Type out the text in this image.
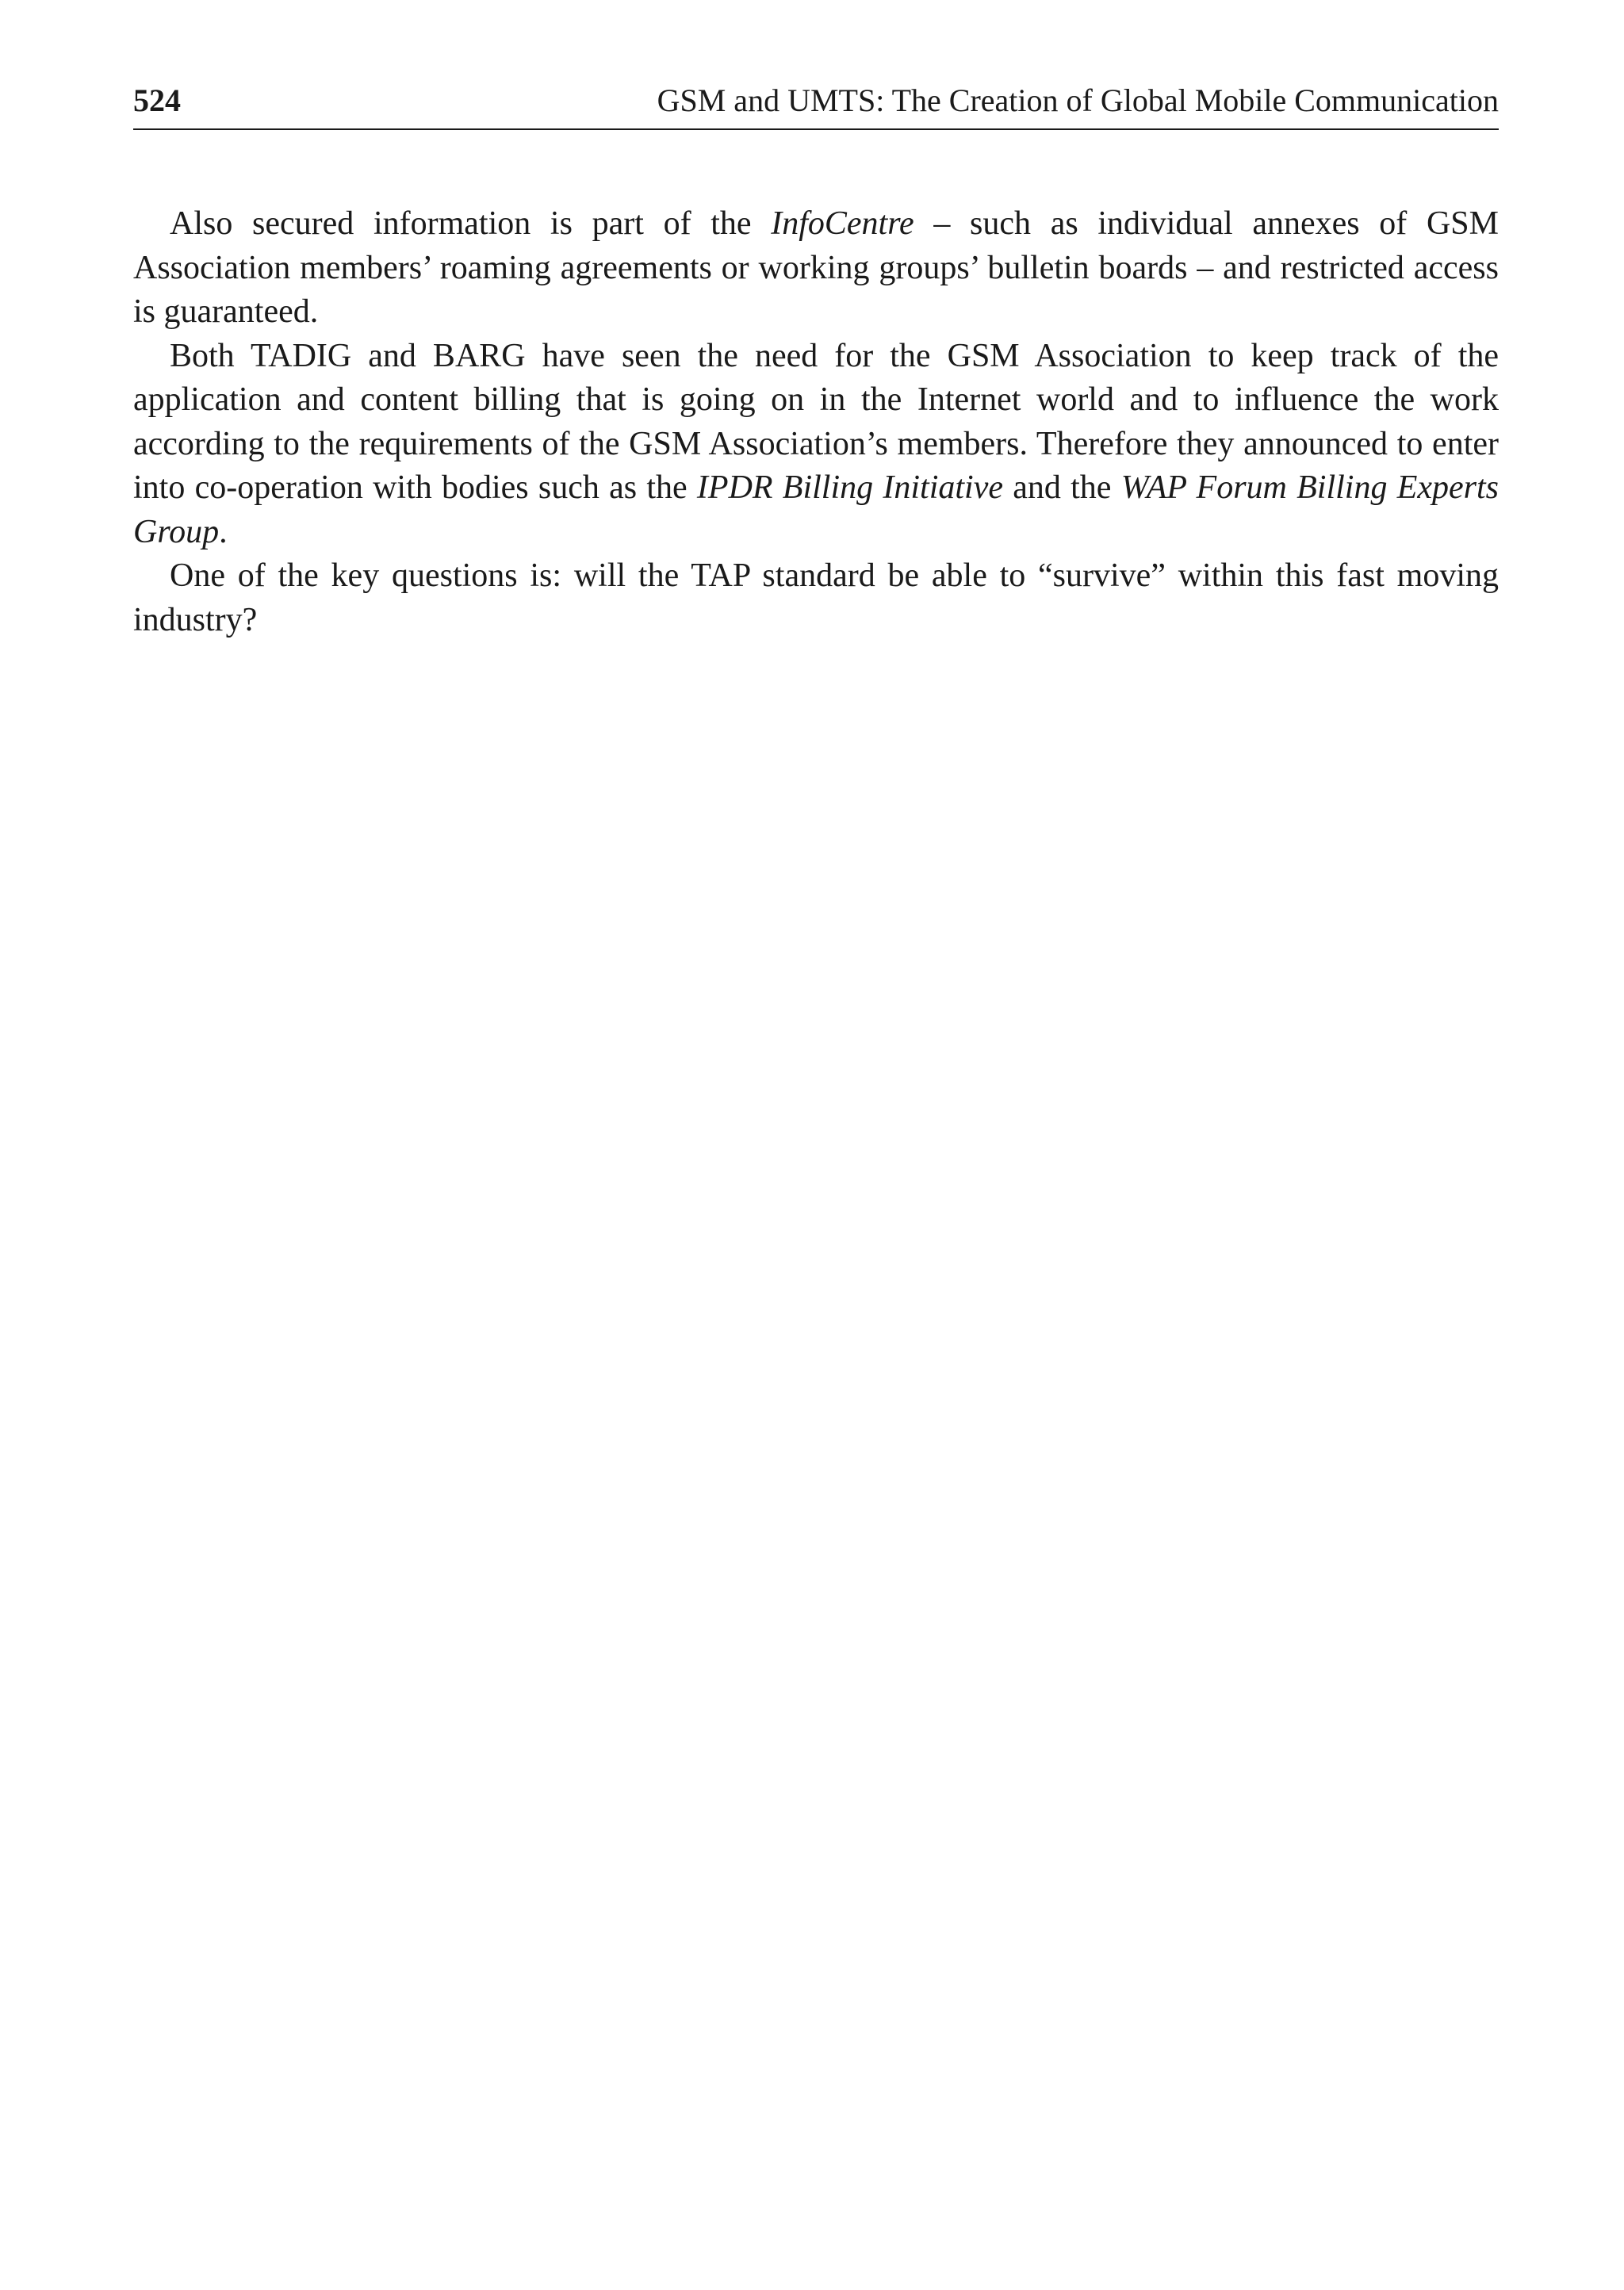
524	GSM and UMTS: The Creation of Global Mobile Communication

Also secured information is part of the InfoCentre – such as individual annexes of GSM Association members’ roaming agreements or working groups’ bulletin boards – and restricted access is guaranteed.

Both TADIG and BARG have seen the need for the GSM Association to keep track of the application and content billing that is going on in the Internet world and to influence the work according to the requirements of the GSM Association’s members. Therefore they announced to enter into co-operation with bodies such as the IPDR Billing Initiative and the WAP Forum Billing Experts Group.

One of the key questions is: will the TAP standard be able to “survive” within this fast moving industry?
